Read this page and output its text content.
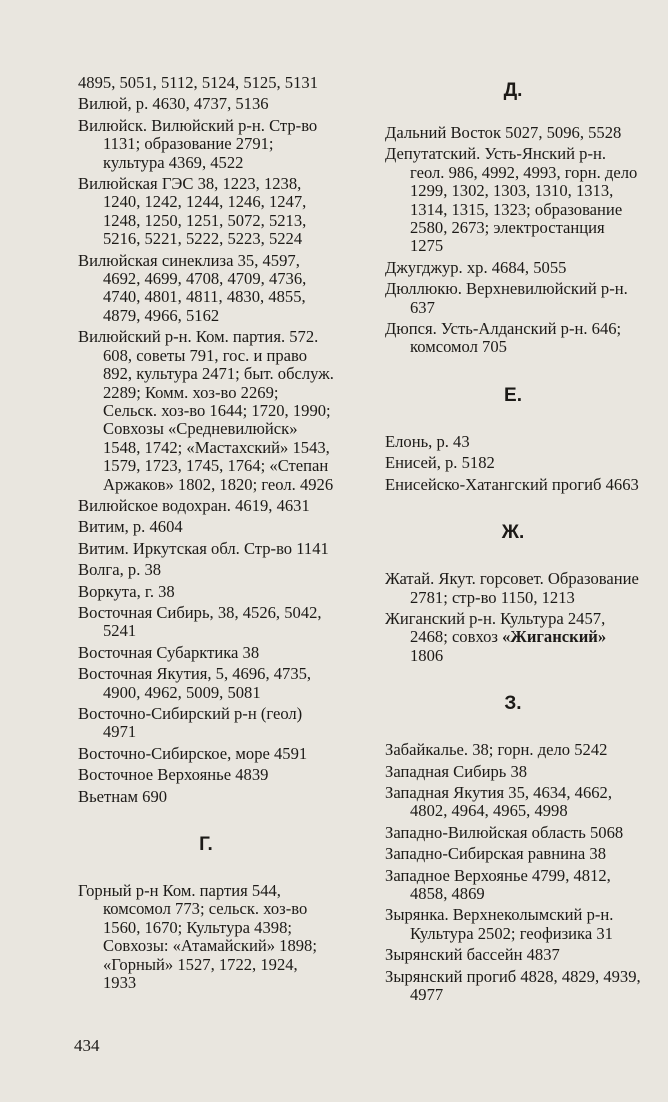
4895, 5051, 5112, 5124, 5125, 5131

Вилюй, р. 4630, 4737, 5136

Вилюйск. Вилюйский р-н. Стр-во 1131; образование 2791; культура 4369, 4522

Вилюйская ГЭС 38, 1223, 1238, 1240, 1242, 1244, 1246, 1247, 1248, 1250, 1251, 5072, 5213, 5216, 5221, 5222, 5223, 5224

Вилюйская синеклиза 35, 4597, 4692, 4699, 4708, 4709, 4736, 4740, 4801, 4811, 4830, 4855, 4879, 4966, 5162

Вилюйский р-н. Ком. партия. 572. 608, советы 791, гос. и право 892, культура 2471; быт. обслуж. 2289; Комм. хоз-во 2269; Сельск. хоз-во 1644; 1720, 1990; Совхозы «Средневилюйск» 1548, 1742; «Мастахский» 1543, 1579, 1723, 1745, 1764; «Степан Аржаков» 1802, 1820; геол. 4926

Вилюйское водохран. 4619, 4631

Витим, р. 4604

Витим. Иркутская обл. Стр-во 1141

Волга, р. 38

Воркута, г. 38

Восточная Сибирь, 38, 4526, 5042, 5241

Восточная Субарктика 38

Восточная Якутия, 5, 4696, 4735, 4900, 4962, 5009, 5081

Восточно-Сибирский р-н (геол) 4971

Восточно-Сибирское, море 4591

Восточное Верхоянье 4839

Вьетнам 690

Г.

Горный р-н Ком. партия 544, комсомол 773; сельск. хоз-во 1560, 1670; Культура 4398; Совхозы: «Атамайский» 1898; «Горный» 1527, 1722, 1924, 1933

Д.

Дальний Восток 5027, 5096, 5528

Депутатский. Усть-Янский р-н. геол. 986, 4992, 4993, горн. дело 1299, 1302, 1303, 1310, 1313, 1314, 1315, 1323; образование 2580, 2673; электростанция 1275

Джугджур. хр. 4684, 5055

Дюллюкю. Верхневилюйский р-н. 637

Дюпся. Усть-Алданский р-н. 646; комсомол 705

Е.

Елонь, р. 43

Енисей, р. 5182

Енисейско-Хатангский прогиб 4663

Ж.

Жатай. Якут. горсовет. Образование 2781; стр-во 1150, 1213

Жиганский р-н. Культура 2457, 2468; совхоз «Жиганский» 1806

З.

Забайкалье. 38; горн. дело 5242

Западная Сибирь 38

Западная Якутия 35, 4634, 4662, 4802, 4964, 4965, 4998

Западно-Вилюйская область 5068

Западно-Сибирская равнина 38

Западное Верхоянье 4799, 4812, 4858, 4869

Зырянка. Верхнеколымский р-н. Культура 2502; геофизика 31

Зырянский бассейн 4837

Зырянский прогиб 4828, 4829, 4939, 4977

434
